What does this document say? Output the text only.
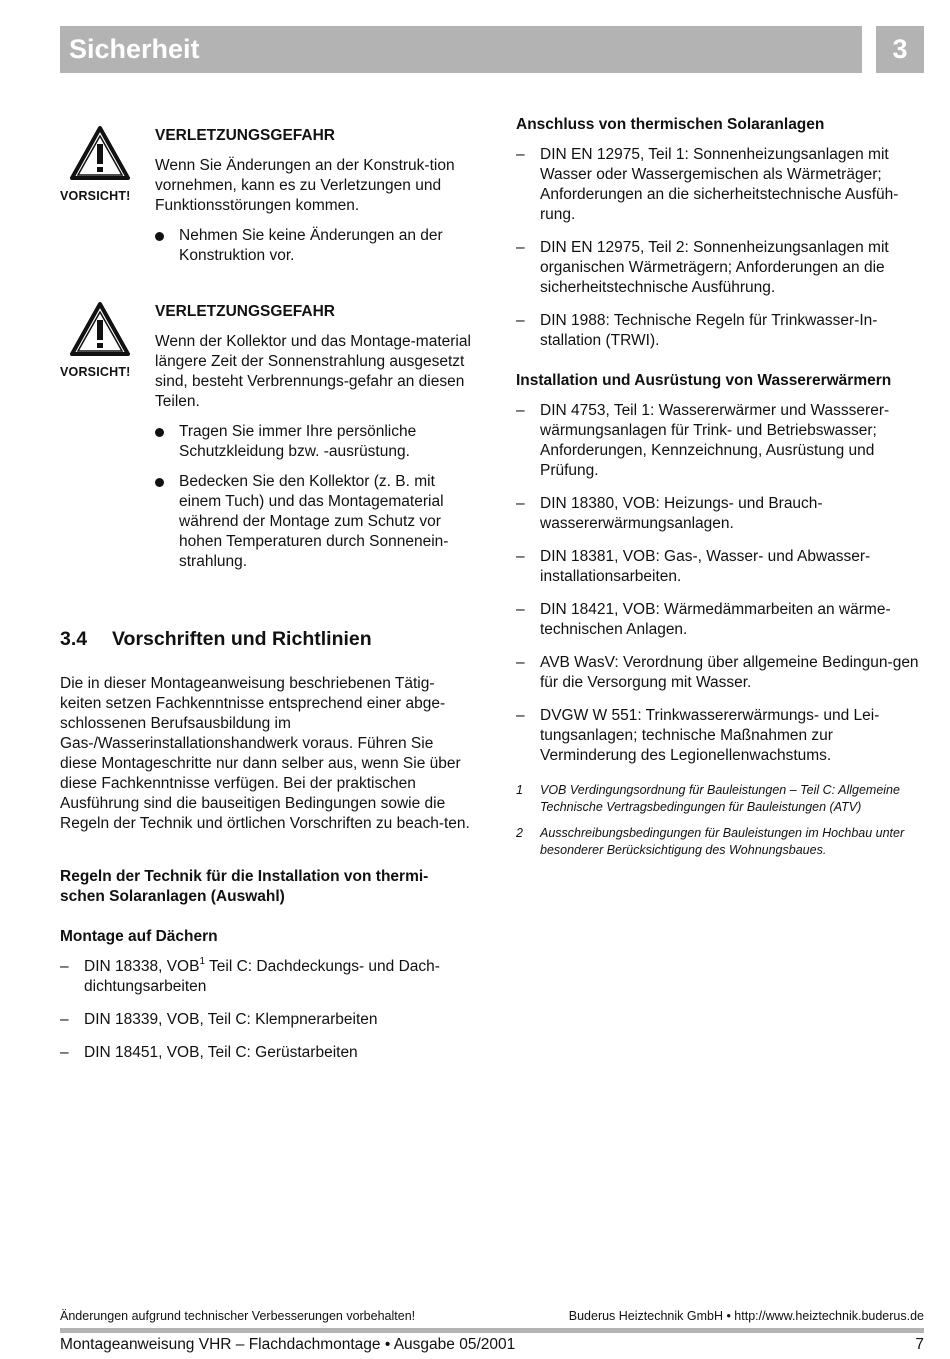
Sicherheit	3
VORSICHT!
VERLETZUNGSGEFAHR
Wenn Sie Änderungen an der Konstruk-tion vornehmen, kann es zu Verletzungen und Funktionsstörungen kommen.
Nehmen Sie keine Änderungen an der Konstruktion vor.
VORSICHT!
VERLETZUNGSGEFAHR
Wenn der Kollektor und das Montage-material längere Zeit der Sonnenstrahlung ausgesetzt sind, besteht Verbrennungs-gefahr an diesen Teilen.
Tragen Sie immer Ihre persönliche Schutzkleidung bzw. -ausrüstung.
Bedecken Sie den Kollektor (z. B. mit einem Tuch) und das Montagematerial während der Montage zum Schutz vor hohen Temperaturen durch Sonnenein-strahlung.
3.4 Vorschriften und Richtlinien
Die in dieser Montageanweisung beschriebenen Tätig-keiten setzen Fachkenntnisse entsprechend einer abge-schlossenen Berufsausbildung im Gas-/Wasserinstallationshandwerk voraus. Führen Sie diese Montageschritte nur dann selber aus, wenn Sie über diese Fachkenntnisse verfügen. Bei der praktischen Ausführung sind die bauseitigen Bedingungen sowie die Regeln der Technik und örtlichen Vorschriften zu beach-ten.
Regeln der Technik für die Installation von thermi-schen Solaranlagen (Auswahl)
Montage auf Dächern
– DIN 18338, VOB$^1$ Teil C: Dachdeckungs- und Dach-dichtungsarbeiten
– DIN 18339, VOB, Teil C: Klempnerarbeiten
– DIN 18451, VOB, Teil C: Gerüstarbeiten
Anschluss von thermischen Solaranlagen
– DIN EN 12975, Teil 1: Sonnenheizungsanlagen mit Wasser oder Wassergemischen als Wärmeträger; Anforderungen an die sicherheitstechnische Ausfüh-rung.
– DIN EN 12975, Teil 2: Sonnenheizungsanlagen mit organischen Wärmeträgern; Anforderungen an die sicherheitstechnische Ausführung.
– DIN 1988: Technische Regeln für Trinkwasser-In-stallation (TRWI).
Installation und Ausrüstung von Wassererwärmern
– DIN 4753, Teil 1: Wassererwärmer und Wassserer-wärmungsanlagen für Trink- und Betriebswasser; Anforderungen, Kennzeichnung, Ausrüstung und Prüfung.
– DIN 18380, VOB: Heizungs- und Brauch-wassererwärmungsanlagen.
– DIN 18381, VOB: Gas-, Wasser- und Abwasser-installationsarbeiten.
– DIN 18421, VOB: Wärmedämmarbeiten an wärme-technischen Anlagen.
– AVB WasV: Verordnung über allgemeine Bedingun-gen für die Versorgung mit Wasser.
– DVGW W 551: Trinkwassererwärmungs- und Lei-tungsanlagen; technische Maßnahmen zur Verminderung des Legionellenwachstums.
1 VOB Verdingungsordnung für Bauleistungen – Teil C: Allgemeine Technische Vertragsbedingungen für Bauleistungen (ATV)
2 Ausschreibungsbedingungen für Bauleistungen im Hochbau unter besonderer Berücksichtigung des Wohnungsbaues.
Änderungen aufgrund technischer Verbesserungen vorbehalten!	Buderus Heiztechnik GmbH • http://www.heiztechnik.buderus.de
Montageanweisung VHR – Flachdachmontage • Ausgabe 05/2001	7
